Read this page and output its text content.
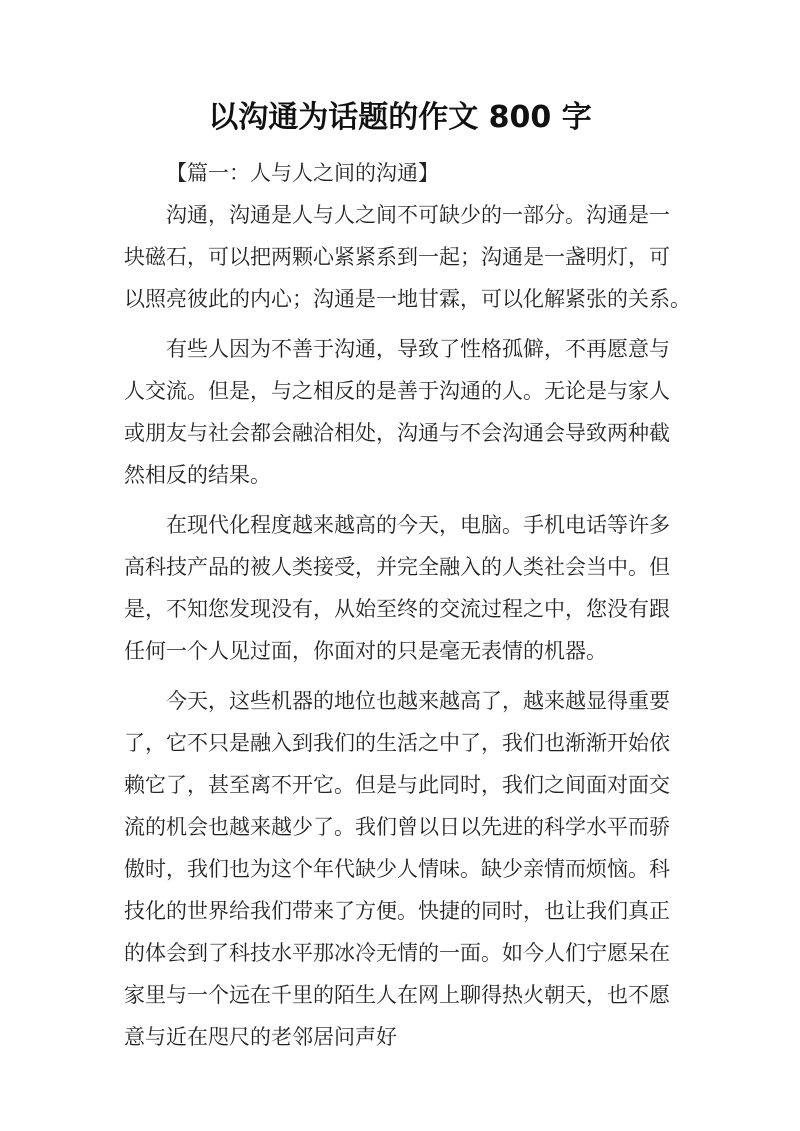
以沟通为话题的作文 800 字
【篇一：人与人之间的沟通】
沟通，沟通是人与人之间不可缺少的一部分。沟通是一
块磁石，可以把两颗心紧紧系到一起；沟通是一盏明灯，可
以照亮彼此的内心；沟通是一地甘霖，可以化解紧张的关系。
有些人因为不善于沟通，导致了性格孤僻，不再愿意与
人交流。但是，与之相反的是善于沟通的人。无论是与家人
或朋友与社会都会融洽相处，沟通与不会沟通会导致两种截
然相反的结果。
在现代化程度越来越高的今天，电脑。手机电话等许多
高科技产品的被人类接受，并完全融入的人类社会当中。但
是，不知您发现没有，从始至终的交流过程之中，您没有跟
任何一个人见过面，你面对的只是毫无表情的机器。
今天，这些机器的地位也越来越高了，越来越显得重要
了，它不只是融入到我们的生活之中了，我们也渐渐开始依
赖它了，甚至离不开它。但是与此同时，我们之间面对面交
流的机会也越来越少了。我们曾以日以先进的科学水平而骄
傲时，我们也为这个年代缺少人情味。缺少亲情而烦恼。科
技化的世界给我们带来了方便。快捷的同时，也让我们真正
的体会到了科技水平那冰冷无情的一面。如今人们宁愿呆在
家里与一个远在千里的陌生人在网上聊得热火朝天，也不愿
意与近在咫尺的老邻居问声好
